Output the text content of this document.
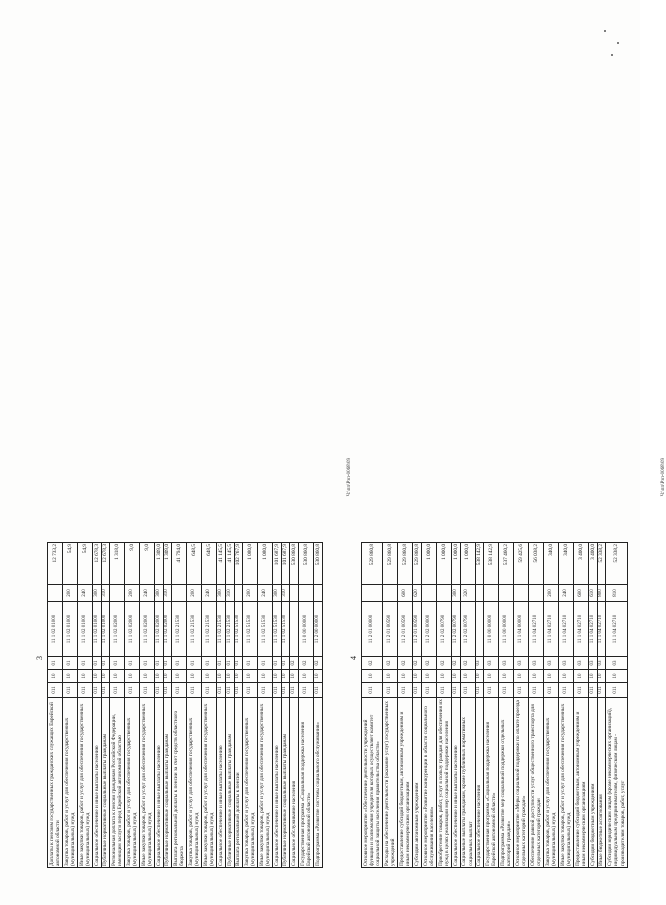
3
Доплаты к пенсиям государственных гражданских служащих Еврейской автономной области	011	10	01	11 1 02 01000		12 733,2
Закупка товаров, работ и услуг для обеспечения государственных (муниципальных) нужд	011	10	01	11 1 02 01000	200	54,9
Иные закупки товаров, работ и услуг для обеспечения государственных (муниципальных) нужд	011	10	01	11 1 02 01000	240	54,9
Социальное обеспечение и иные выплаты населению	011	10	01	11 1 02 01000	300	12 678,3
Публичные нормативные социальные выплаты гражданам	011	10	01	11 1 02 01000	310	12 678,3
Региональная доплата к пенсии гражданам Российской Федерации, имеющим заслуги перед Еврейской автономной областью	011	10	01	11 1 02 02000		1 318,0
Закупка товаров, работ и услуг для обеспечения государственных (муниципальных) нужд	011	10	01	11 1 02 02000	200	9,0
Иные закупки товаров, работ и услуг для обеспечения государственных (муниципальных) нужд	011	10	01	11 1 02 02000	240	9,0
Социальное обеспечение и иные выплаты населению	011	10	01	11 1 02 02000	300	1 309,0
Публичные нормативные социальные выплаты гражданам	011	10	01	11 1 02 02000	310	1 309,0
Выплата региональной доплаты к пенсии за счет средств областного бюджета	011	10	01	11 1 02 21530		41 794,0
Закупка товаров, работ и услуг для обеспечения государственных (муниципальных) нужд	011	10	01	11 1 02 21530	200	648,5
Иные закупки товаров, работ и услуг для обеспечения государственных (муниципальных) нужд	011	10	01	11 1 02 21530	240	648,5
Социальное обеспечение и иные выплаты населению	011	10	01	11 1 02 21530	300	41 145,5
Публичные нормативные социальные выплаты гражданам	011	10	01	11 1 02 21530	310	41 145,5
Выплата региональной доплаты к пенсии	011	10	01	11 1 02 51530		102 767,9
Закупка товаров, работ и услуг для обеспечения государственных (муниципальных) нужд	011	10	01	11 1 02 51530	200	1 080,0
Иные закупки товаров, работ и услуг для обеспечения государственных (муниципальных) нужд	011	10	01	11 1 02 51530	240	1 080,0
Социальное обеспечение и иные выплаты населению	011	10	01	11 1 02 51530	300	101 687,9
Публичные нормативные социальные выплаты гражданам	011	10	01	11 1 02 51530	310	101 687,9
Социальное обслуживание населения	011	10	02			530 860,8
Государственная программа «Социальная поддержка населения Еврейской автономной области»	011	10	02	11 0 00 00000		530 860,8
Подпрограмма «Развитие системы социального обслуживания»	011	10	02	11 2 00 00000		530 860,8
Ч:\пп\Рзп-0068\09
4
Основное мероприятие «Обеспечение деятельности учреждений функции и полномочия учредителя которых осуществляет комитет социальной защиты населения правительства области»	011	10	02	11 2 01 00000		529 860,8
Расходы на обеспечение деятельности (оказание услуг) государственных учреждений	011	10	02	11 2 01 00590		529 860,8
Предоставление субсидий бюджетным, автономным учреждениям и иным некоммерческим организациям	011	10	02	11 2 01 00590	600	529 860,8
Субсидии автономным учреждениям	011	10	02	11 2 01 00590	620	529 860,8
Основное мероприятие «Развитие конкуренции в области социального обслуживания населения»	011	10	02	11 2 02 00000		1 000,0
Приобретение товаров, работ, услуг в пользу граждан для обеспечения их нужд в целях реализации мер социальной поддержки населения	011	10	02	11 2 02 00790		1 000,0
Социальное обеспечение и иные выплаты населению	011	10	02	11 2 02 00790	300	1 000,0
Социальные выплаты гражданам, кроме публичных нормативных социальных выплат	011	10	02	11 2 02 00790	320	1 000,0
Социальное обеспечение населения	011	10	03			538 142,9
Государственная программа «Социальная поддержка населения Еврейской автономной области»	011	10	03	11 0 00 00000		538 142,9
Подпрограмма «Развитие мер социальной поддержки отдельных категорий граждан»	011	10	03	11 1 00 00000		537 460,2
Основное мероприятие «Меры социальной поддержки по оплате проезда отдельных категорий граждан»	011	10	03	11 1 04 00000		59 425,6
Обеспечение равной доступности услуг общественного транспорта для отдельных категорий граждан	011	10	03	11 1 04 02710		56 038,2
Закупка товаров, работ и услуг для обеспечения государственных (муниципальных) нужд	011	10	03	11 1 04 02710	200	340,0
Иные закупки товаров, работ и услуг для обеспечения государственных (муниципальных) нужд	011	10	03	11 1 04 02710	240	340,0
Предоставление субсидий бюджетным, автономным учреждениям и иным некоммерческим организациям	011	10	03	11 1 04 02710	600	3 400,0
Субсидии бюджетным учреждениям	011	10	03	11 1 04 02710	610	3 400,0
Иные бюджетные ассигнования	011	10	03	11 1 04 02710	800	52 338,2
Субсидии юридическим лицам (кроме некоммерческих организаций), индивидуальным предпринимателям, физическим лицам - производителям товаров, работ, услуг	011	10	03	11 1 04 02710	810	52 338,2
Ч:\пп\Рзп-0068\09
